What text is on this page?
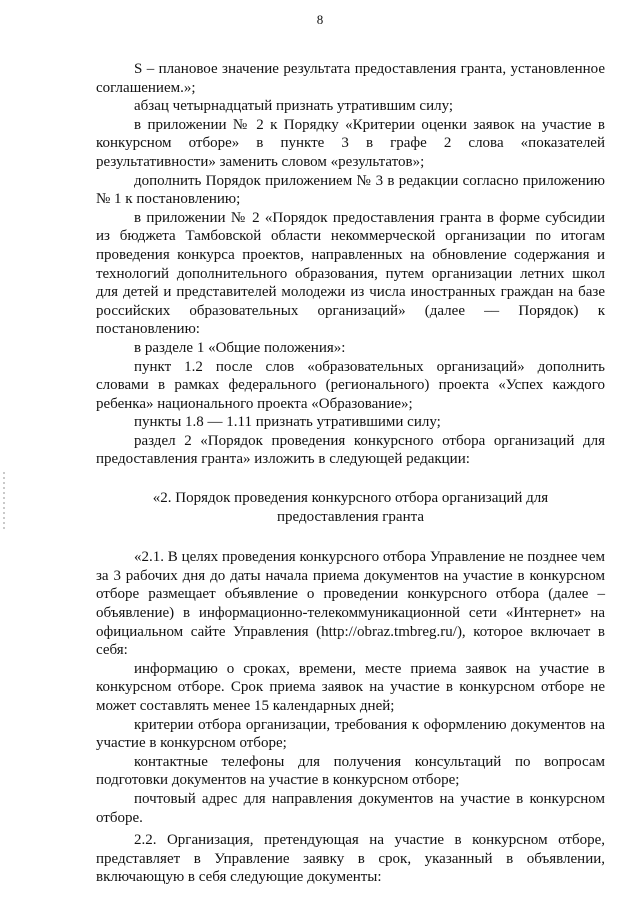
8

S – плановое значение результата предоставления гранта, установленное соглашением.»;

абзац четырнадцатый признать утратившим силу;

в приложении № 2 к Порядку «Критерии оценки заявок на участие в конкурсном отборе» в пункте 3 в графе 2 слова «показателей результативности» заменить словом «результатов»;

дополнить Порядок приложением № 3 в редакции согласно приложению № 1 к постановлению;

в приложении № 2 «Порядок предоставления гранта в форме субсидии из бюджета Тамбовской области некоммерческой организации по итогам проведения конкурса проектов, направленных на обновление содержания и технологий дополнительного образования, путем организации летних школ для детей и представителей молодежи из числа иностранных граждан на базе российских образовательных организаций» (далее –– Порядок) к постановлению:

в разделе 1 «Общие положения»:

пункт 1.2 после слов «образовательных организаций» дополнить словами в рамках федерального (регионального) проекта «Успех каждого ребенка» национального проекта «Образование»;

пункты 1.8 — 1.11 признать утратившими силу;

раздел 2 «Порядок проведения конкурсного отбора организаций для предоставления гранта» изложить в следующей редакции:

«2. Порядок проведения конкурсного отбора организаций для предоставления гранта

«2.1. В целях проведения конкурсного отбора Управление не позднее чем за 3 рабочих дня до даты начала приема документов на участие в конкурсном отборе размещает объявление о проведении конкурсного отбора (далее – объявление) в информационно-телекоммуникационной сети «Интернет» на официальном сайте Управления (http://obraz.tmbreg.ru/), которое включает в себя:

информацию о сроках, времени, месте приема заявок на участие в конкурсном отборе. Срок приема заявок на участие в конкурсном отборе не может составлять менее 15 календарных дней;

критерии отбора организации, требования к оформлению документов на участие в конкурсном отборе;

контактные телефоны для получения консультаций по вопросам подготовки документов на участие в конкурсном отборе;

почтовый адрес для направления документов на участие в конкурсном отборе.

2.2. Организация, претендующая на участие в конкурсном отборе, представляет в Управление заявку в срок, указанный в объявлении, включающую в себя следующие документы:
